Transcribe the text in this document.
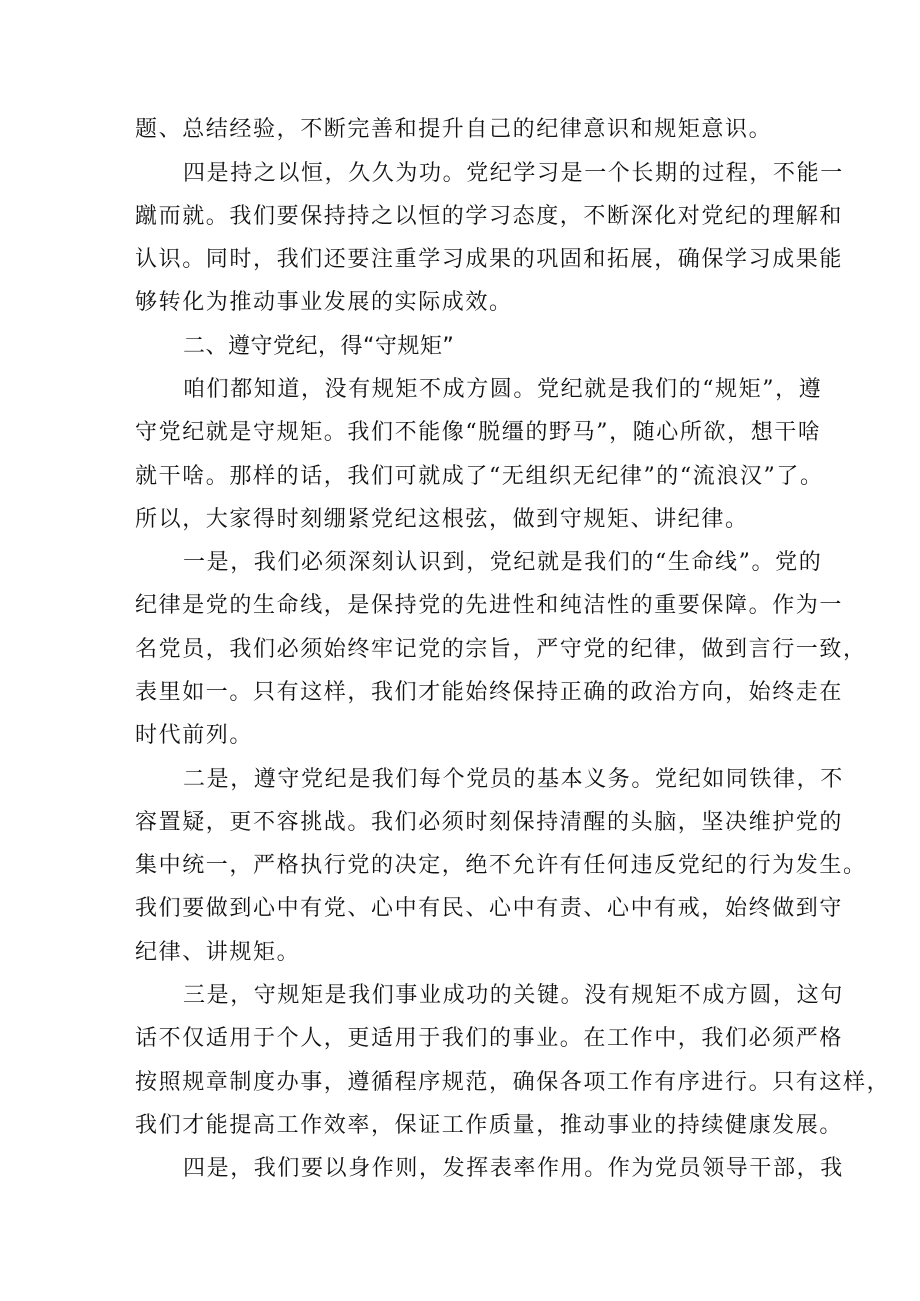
题、总结经验，不断完善和提升自己的纪律意识和规矩意识。
四是持之以恒，久久为功。党纪学习是一个长期的过程，不能一
蹴而就。我们要保持持之以恒的学习态度，不断深化对党纪的理解和
认识。同时，我们还要注重学习成果的巩固和拓展，确保学习成果能
够转化为推动事业发展的实际成效。
二、遵守党纪，得“守规矩”
咱们都知道，没有规矩不成方圆。党纪就是我们的“规矩”，遵
守党纪就是守规矩。我们不能像“脱缰的野马”，随心所欲，想干啥
就干啥。那样的话，我们可就成了“无组织无纪律”的“流浪汉”了。
所以，大家得时刻绷紧党纪这根弦，做到守规矩、讲纪律。
一是，我们必须深刻认识到，党纪就是我们的“生命线”。党的
纪律是党的生命线，是保持党的先进性和纯洁性的重要保障。作为一
名党员，我们必须始终牢记党的宗旨，严守党的纪律，做到言行一致，
表里如一。只有这样，我们才能始终保持正确的政治方向，始终走在
时代前列。
二是，遵守党纪是我们每个党员的基本义务。党纪如同铁律，不
容置疑，更不容挑战。我们必须时刻保持清醒的头脑，坚决维护党的
集中统一，严格执行党的决定，绝不允许有任何违反党纪的行为发生。
我们要做到心中有党、心中有民、心中有责、心中有戒，始终做到守
纪律、讲规矩。
三是，守规矩是我们事业成功的关键。没有规矩不成方圆，这句
话不仅适用于个人，更适用于我们的事业。在工作中，我们必须严格
按照规章制度办事，遵循程序规范，确保各项工作有序进行。只有这样，
我们才能提高工作效率，保证工作质量，推动事业的持续健康发展。
四是，我们要以身作则，发挥表率作用。作为党员领导干部，我
